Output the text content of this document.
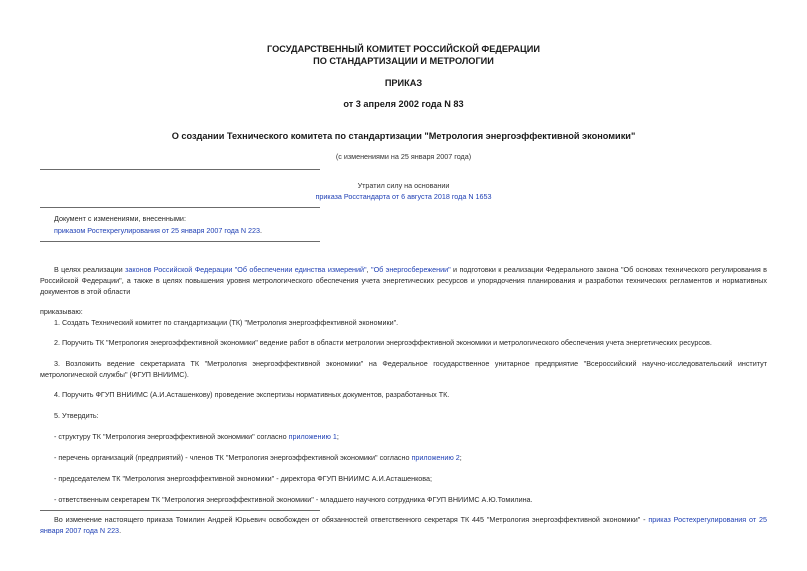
ГОСУДАРСТВЕННЫЙ КОМИТЕТ РОССИЙСКОЙ ФЕДЕРАЦИИ
ПО СТАНДАРТИЗАЦИИ И МЕТРОЛОГИИ
ПРИКАЗ
от 3 апреля 2002 года N 83
О создании Технического комитета по стандартизации "Метрология энергоэффективной экономики"
(с изменениями на 25 января 2007 года)
Утратил силу на основании
приказа Росстандарта от 6 августа 2018 года N 1653
Документ с изменениями, внесенными:
приказом Ростехрегулирования от 25 января 2007 года N 223.
В целях реализации законов Российской Федерации "Об обеспечении единства измерений", "Об энергосбережении" и подготовки к реализации Федерального закона "Об основах технического регулирования в Российской Федерации", а также в целях повышения уровня метрологического обеспечения учета энергетических ресурсов и упорядочения планирования и разработки технических регламентов и нормативных документов в этой области
приказываю:
1. Создать Технический комитет по стандартизации (ТК) "Метрология энергоэффективной экономики".
2. Поручить ТК "Метрология энергоэффективной экономики" ведение работ в области метрологии энергоэффективной экономики и метрологического обеспечения учета энергетических ресурсов.
3. Возложить ведение секретариата ТК "Метрология энергоэффективной экономики" на Федеральное государственное унитарное предприятие "Всероссийский научно-исследовательский институт метрологической службы" (ФГУП ВНИИМС).
4. Поручить ФГУП ВНИИМС (А.И.Асташенкову) проведение экспертизы нормативных документов, разработанных ТК.
5. Утвердить:
- структуру ТК "Метрология энергоэффективной экономики" согласно приложению 1;
- перечень организаций (предприятий) - членов ТК "Метрология энергоэффективной экономики" согласно приложению 2;
- председателем ТК "Метрология энергоэффективной экономики" - директора ФГУП ВНИИМС А.И.Асташенкова;
- ответственным секретарем ТК "Метрология энергоэффективной экономики" - младшего научного сотрудника ФГУП ВНИИМС А.Ю.Томилина.
Во изменение настоящего приказа Томилин Андрей Юрьевич освобожден от обязанностей ответственного секретаря ТК 445 "Метрология энергоэффективной экономики" - приказ Ростехрегулирования от 25 января 2007 года N 223.
